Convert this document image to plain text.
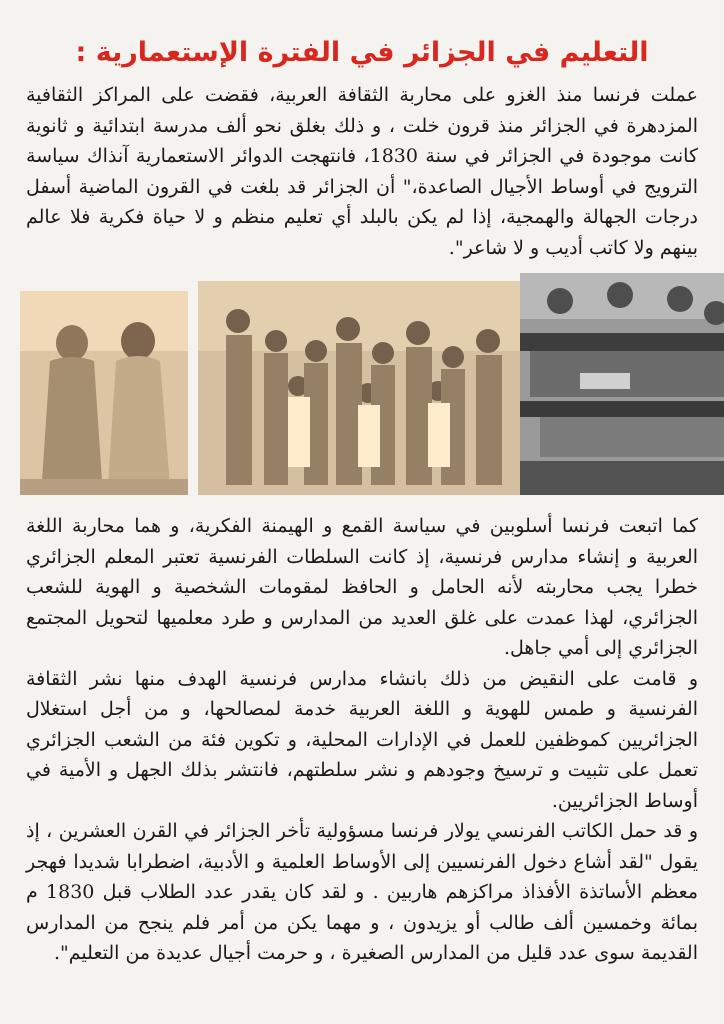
التعليم في الجزائر في الفترة الإستعمارية :

عملت فرنسا منذ الغزو على محاربة الثقافة العربية، فقضت على المراكز الثقافية المزدهرة في الجزائر منذ قرون خلت ، و ذلك بغلق نحو ألف مدرسة ابتدائية و ثانوية كانت موجودة في الجزائر في سنة 1830، فانتهجت الدوائر الاستعمارية آنذاك سياسة الترويج في أوساط الأجيال الصاعدة،" أن الجزائر قد بلغت في القرون الماضية أسفل درجات الجهالة والهمجية، إذا لم يكن بالبلد أي تعليم منظم و لا حياة فكرية فلا عالم بينهم ولا كاتب أديب و لا شاعر".

كما اتبعت فرنسا أسلوبين في سياسة القمع و الهيمنة الفكرية، و هما محاربة اللغة العربية و إنشاء مدارس فرنسية، إذ كانت السلطات الفرنسية تعتبر المعلم الجزائري خطرا يجب محاربته لأنه الحامل و الحافظ لمقومات الشخصية و الهوية للشعب الجزائري، لهذا عمدت على غلق العديد من المدارس و طرد معلميها لتحويل المجتمع الجزائري إلى أمي جاهل.

و قامت على النقيض من ذلك بانشاء مدارس فرنسية الهدف منها نشر الثقافة الفرنسية و طمس للهوية و اللغة العربية خدمة لمصالحها، و من أجل استغلال الجزائريين كموظفين للعمل في الإدارات المحلية، و تكوين فئة من الشعب الجزائري تعمل على تثبيت و ترسيخ وجودهم و نشر سلطتهم، فانتشر بذلك الجهل و الأمية في أوساط الجزائريين.

و قد حمل الكاتب الفرنسي يولار فرنسا مسؤولية تأخر الجزائر في القرن العشرين ، إذ يقول "لقد أشاع دخول الفرنسيين إلى الأوساط العلمية و الأدبية، اضطرابا شديدا فهجر معظم الأساتذة الأفذاذ مراكزهم هاربين . و لقد كان يقدر عدد الطلاب قبل 1830 م بمائة وخمسين ألف طالب أو يزيدون ، و مهما يكن من أمر فلم ينجح من المدارس القديمة سوى عدد قليل من المدارس الصغيرة ، و حرمت أجيال عديدة من التعليم".
